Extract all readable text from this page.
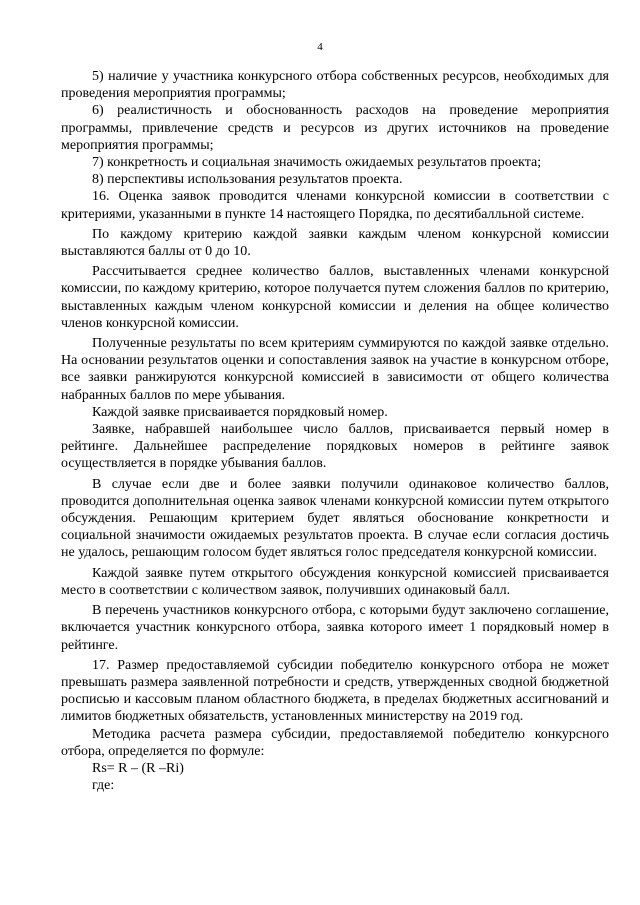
4

5) наличие у участника конкурсного отбора собственных ресурсов, необходимых для проведения мероприятия программы;

6) реалистичность и обоснованность расходов на проведение мероприятия программы, привлечение средств и ресурсов из других источников на проведение мероприятия программы;

7) конкретность и социальная значимость ожидаемых результатов проекта;

8) перспективы использования результатов проекта.

16. Оценка заявок проводится членами конкурсной комиссии в соответствии с критериями, указанными в пункте 14 настоящего Порядка, по десятибалльной системе.

По каждому критерию каждой заявки каждым членом конкурсной комиссии выставляются баллы от 0 до 10.

Рассчитывается среднее количество баллов, выставленных членами конкурсной комиссии, по каждому критерию, которое получается путем сложения баллов по критерию, выставленных каждым членом конкурсной комиссии и деления на общее количество членов конкурсной комиссии.

Полученные результаты по всем критериям суммируются по каждой заявке отдельно. На основании результатов оценки и сопоставления заявок на участие в конкурсном отборе, все заявки ранжируются конкурсной комиссией в зависимости от общего количества набранных баллов по мере убывания.

Каждой заявке присваивается порядковый номер.

Заявке, набравшей наибольшее число баллов, присваивается первый номер в рейтинге. Дальнейшее распределение порядковых номеров в рейтинге заявок осуществляется в порядке убывания баллов.

В случае если две и более заявки получили одинаковое количество баллов, проводится дополнительная оценка заявок членами конкурсной комиссии путем открытого обсуждения. Решающим критерием будет являться обоснование конкретности и социальной значимости ожидаемых результатов проекта. В случае если согласия достичь не удалось, решающим голосом будет являться голос председателя конкурсной комиссии.

Каждой заявке путем открытого обсуждения конкурсной комиссией присваивается место в соответствии с количеством заявок, получивших одинаковый балл.

В перечень участников конкурсного отбора, с которыми будут заключено соглашение, включается участник конкурсного отбора, заявка которого имеет 1 порядковый номер в рейтинге.

17. Размер предоставляемой субсидии победителю конкурсного отбора не может превышать размера заявленной потребности и средств, утвержденных сводной бюджетной росписью и кассовым планом областного бюджета, в пределах бюджетных ассигнований и лимитов бюджетных обязательств, установленных министерству на 2019 год.

Методика расчета размера субсидии, предоставляемой победителю конкурсного отбора, определяется по формуле:

Rs= R – (R –Ri)

где:
